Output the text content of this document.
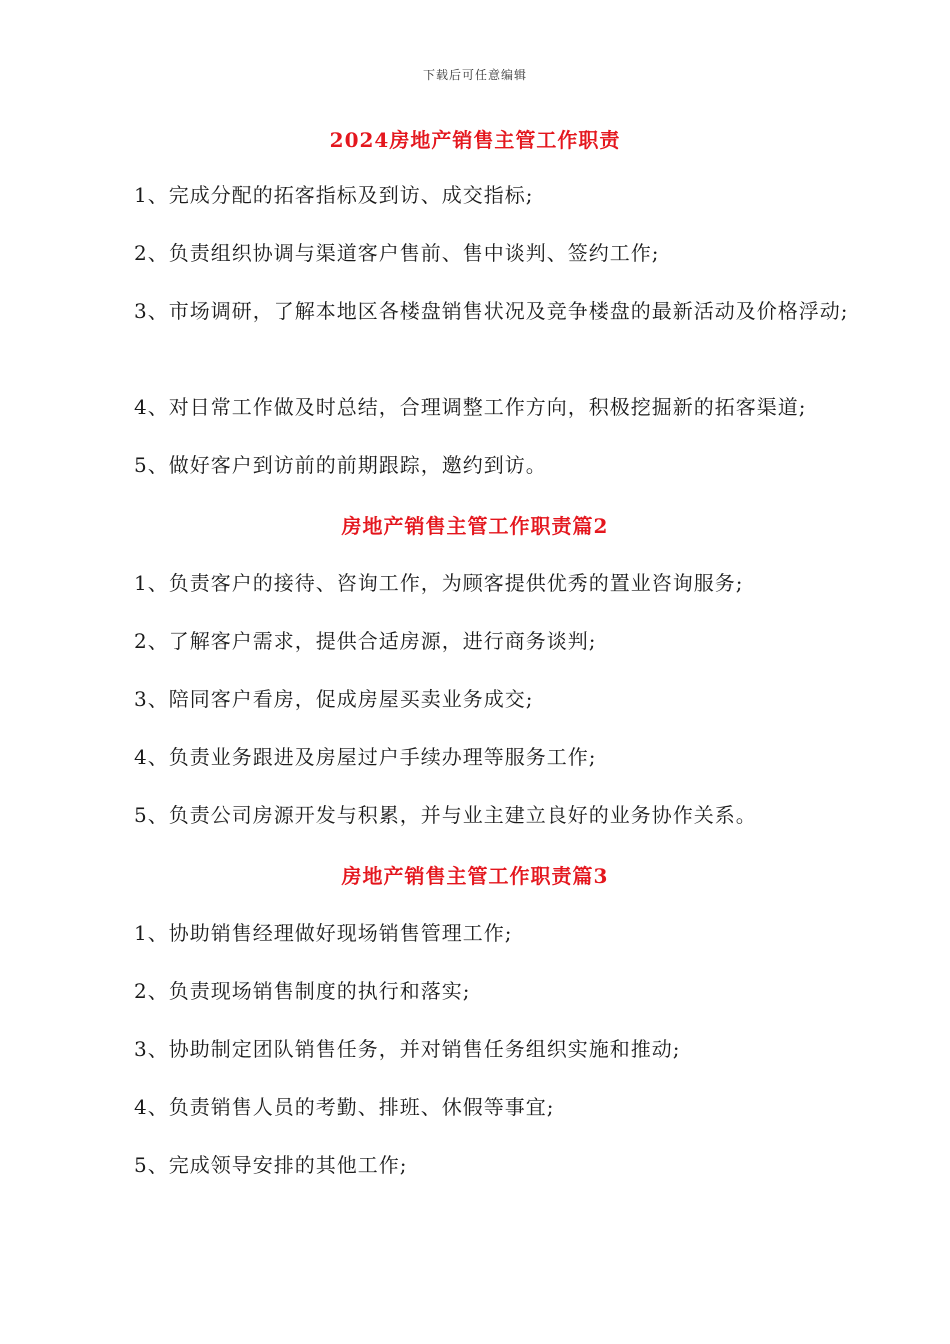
下载后可任意编辑
2024房地产销售主管工作职责
1、完成分配的拓客指标及到访、成交指标;
2、负责组织协调与渠道客户售前、售中谈判、签约工作;
3、市场调研，了解本地区各楼盘销售状况及竞争楼盘的最新活动及价格浮动;
4、对日常工作做及时总结，合理调整工作方向，积极挖掘新的拓客渠道;
5、做好客户到访前的前期跟踪，邀约到访。
房地产销售主管工作职责篇2
1、负责客户的接待、咨询工作，为顾客提供优秀的置业咨询服务;
2、了解客户需求，提供合适房源，进行商务谈判;
3、陪同客户看房，促成房屋买卖业务成交;
4、负责业务跟进及房屋过户手续办理等服务工作;
5、负责公司房源开发与积累，并与业主建立良好的业务协作关系。
房地产销售主管工作职责篇3
1、协助销售经理做好现场销售管理工作;
2、负责现场销售制度的执行和落实;
3、协助制定团队销售任务，并对销售任务组织实施和推动;
4、负责销售人员的考勤、排班、休假等事宜;
5、完成领导安排的其他工作;
